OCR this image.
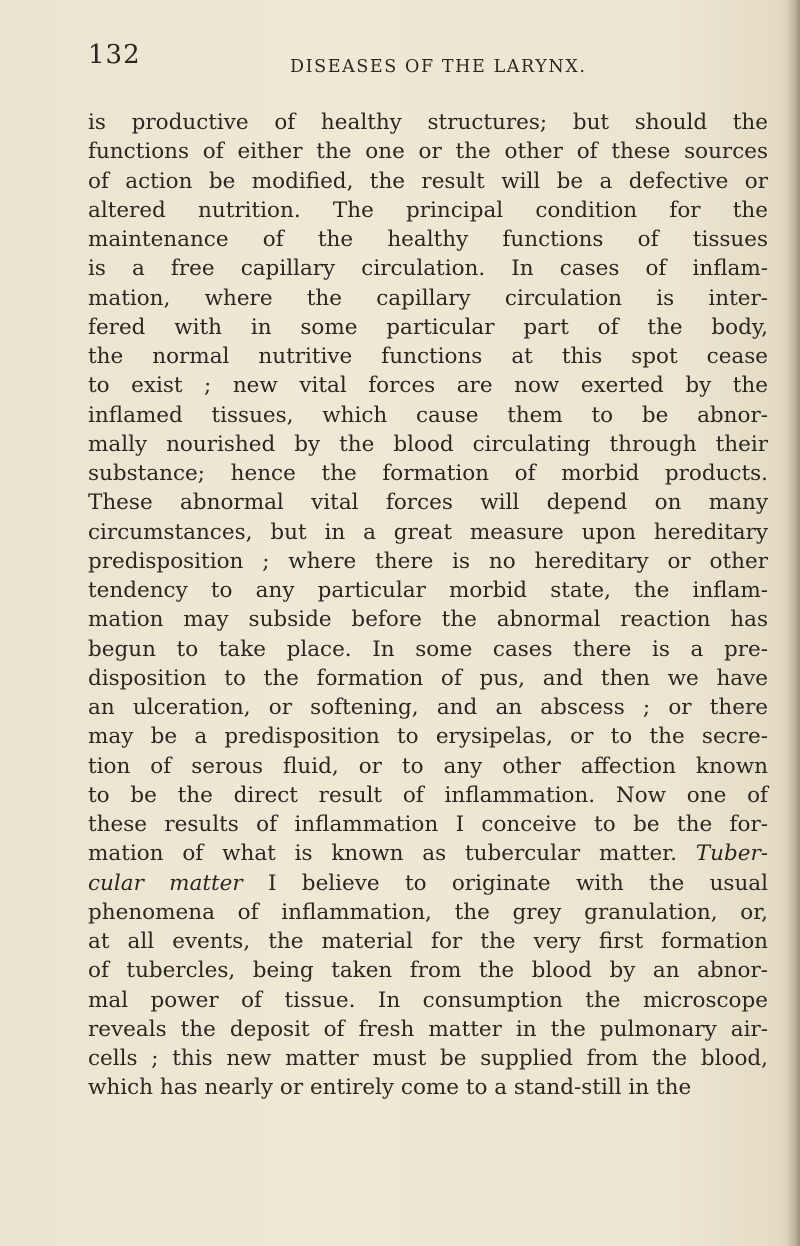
132	DISEASES OF THE LARYNX.
is productive of healthy structures; but should the
functions of either the one or the other of these sources
of action be modified, the result will be a defective or
altered nutrition. The principal condition for the
maintenance of the healthy functions of tissues
is a free capillary circulation. In cases of inflam-
mation, where the capillary circulation is inter-
fered with in some particular part of the body,
the normal nutritive functions at this spot cease
to exist ; new vital forces are now exerted by the
inflamed tissues, which cause them to be abnor-
mally nourished by the blood circulating through their
substance; hence the formation of morbid products.
These abnormal vital forces will depend on many
circumstances, but in a great measure upon hereditary
predisposition ; where there is no hereditary or other
tendency to any particular morbid state, the inflam-
mation may subside before the abnormal reaction has
begun to take place. In some cases there is a pre-
disposition to the formation of pus, and then we have
an ulceration, or softening, and an abscess ; or there
may be a predisposition to erysipelas, or to the secre-
tion of serous fluid, or to any other affection known
to be the direct result of inflammation. Now one of
these results of inflammation I conceive to be the for-
mation of what is known as tubercular matter. Tuber-
cular matter I believe to originate with the usual
phenomena of inflammation, the grey granulation, or,
at all events, the material for the very first formation
of tubercles, being taken from the blood by an abnor-
mal power of tissue. In consumption the microscope
reveals the deposit of fresh matter in the pulmonary air-
cells ; this new matter must be supplied from the blood,
which has nearly or entirely come to a stand-still in the
